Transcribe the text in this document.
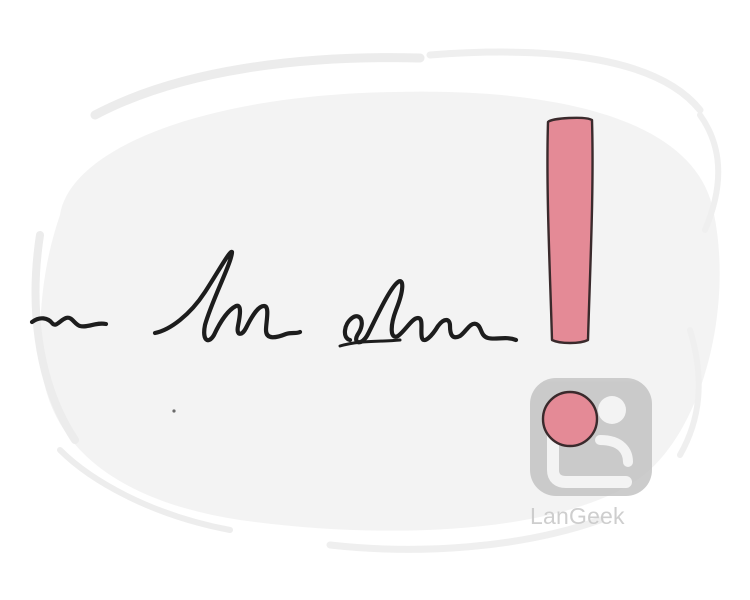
LanGeek
